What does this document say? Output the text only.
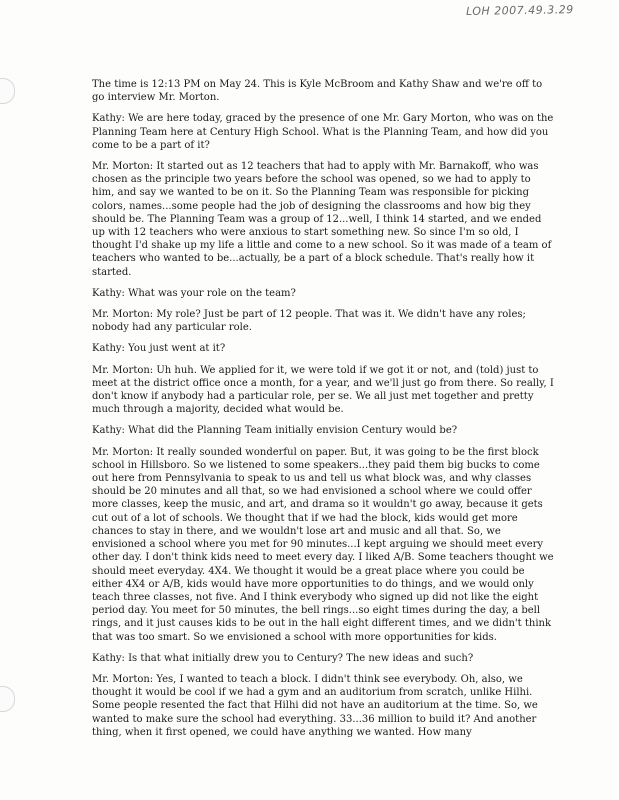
LOH 2007.49.3.29

The time is 12:13 PM on May 24. This is Kyle McBroom and Kathy Shaw and we're off to go interview Mr. Morton.

Kathy: We are here today, graced by the presence of one Mr. Gary Morton, who was on the Planning Team here at Century High School. What is the Planning Team, and how did you come to be a part of it?

Mr. Morton: It started out as 12 teachers that had to apply with Mr. Barnakoff, who was chosen as the principle two years before the school was opened, so we had to apply to him, and say we wanted to be on it. So the Planning Team was responsible for picking colors, names...some people had the job of designing the classrooms and how big they should be. The Planning Team was a group of 12...well, I think 14 started, and we ended up with 12 teachers who were anxious to start something new. So since I'm so old, I thought I'd shake up my life a little and come to a new school. So it was made of a team of teachers who wanted to be...actually, be a part of a block schedule. That's really how it started.

Kathy: What was your role on the team?

Mr. Morton: My role? Just be part of 12 people. That was it. We didn't have any roles; nobody had any particular role.

Kathy: You just went at it?

Mr. Morton: Uh huh. We applied for it, we were told if we got it or not, and (told) just to meet at the district office once a month, for a year, and we'll just go from there. So really, I don't know if anybody had a particular role, per se. We all just met together and pretty much through a majority, decided what would be.

Kathy: What did the Planning Team initially envision Century would be?

Mr. Morton: It really sounded wonderful on paper. But, it was going to be the first block school in Hillsboro. So we listened to some speakers...they paid them big bucks to come out here from Pennsylvania to speak to us and tell us what block was, and why classes should be 20 minutes and all that, so we had envisioned a school where we could offer more classes, keep the music, and art, and drama so it wouldn't go away, because it gets cut out of a lot of schools. We thought that if we had the block, kids would get more chances to stay in there, and we wouldn't lose art and music and all that. So, we envisioned a school where you met for 90 minutes...I kept arguing we should meet every other day. I don't think kids need to meet every day. I liked A/B. Some teachers thought we should meet everyday. 4X4. We thought it would be a great place where you could be either 4X4 or A/B, kids would have more opportunities to do things, and we would only teach three classes, not five. And I think everybody who signed up did not like the eight period day. You meet for 50 minutes, the bell rings...so eight times during the day, a bell rings, and it just causes kids to be out in the hall eight different times, and we didn't think that was too smart. So we envisioned a school with more opportunities for kids.

Kathy: Is that what initially drew you to Century? The new ideas and such?

Mr. Morton: Yes, I wanted to teach a block. I didn't think see everybody. Oh, also, we thought it would be cool if we had a gym and an auditorium from scratch, unlike Hilhi. Some people resented the fact that Hilhi did not have an auditorium at the time. So, we wanted to make sure the school had everything. 33...36 million to build it? And another thing, when it first opened, we could have anything we wanted. How many
